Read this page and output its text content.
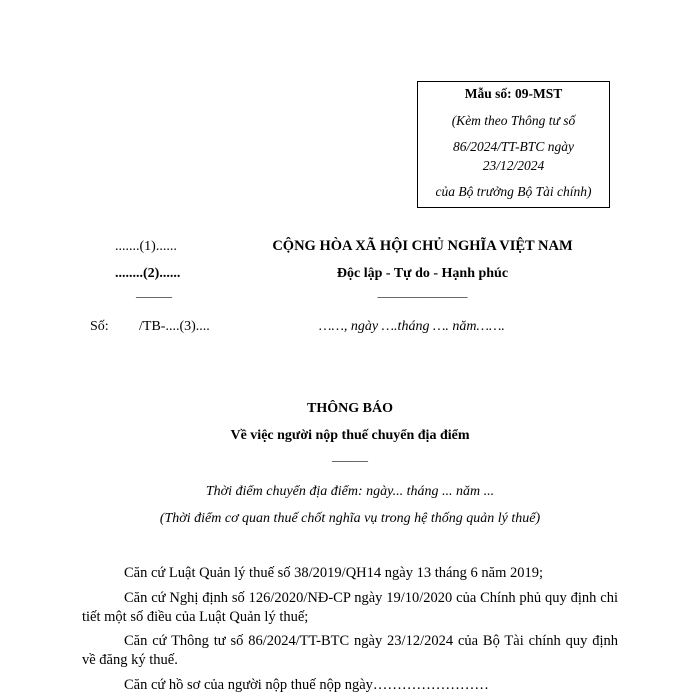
Mẫu số: 09-MST
(Kèm theo Thông tư số
86/2024/TT-BTC ngày
23/12/2024
của Bộ trưởng Bộ Tài chính)
.......(1)......
........(2)......
______
CỘNG HÒA XÃ HỘI CHỦ NGHĨA VIỆT NAM
Độc lập - Tự do - Hạnh phúc
_______________
Số: /TB-....(3)....	……, ngày ….tháng …. năm…….
THÔNG BÁO
Về việc người nộp thuế chuyển địa điểm
______
Thời điểm chuyển địa điểm: ngày... tháng ... năm ...
(Thời điểm cơ quan thuế chốt nghĩa vụ trong hệ thống quản lý thuế)
Căn cứ Luật Quản lý thuế số 38/2019/QH14 ngày 13 tháng 6 năm 2019;
Căn cứ Nghị định số 126/2020/NĐ-CP ngày 19/10/2020 của Chính phủ quy định chi tiết một số điều của Luật Quản lý thuế;
Căn cứ Thông tư số 86/2024/TT-BTC ngày 23/12/2024 của Bộ Tài chính quy định về đăng ký thuế.
Căn cứ hồ sơ của người nộp thuế nộp ngày……………………
